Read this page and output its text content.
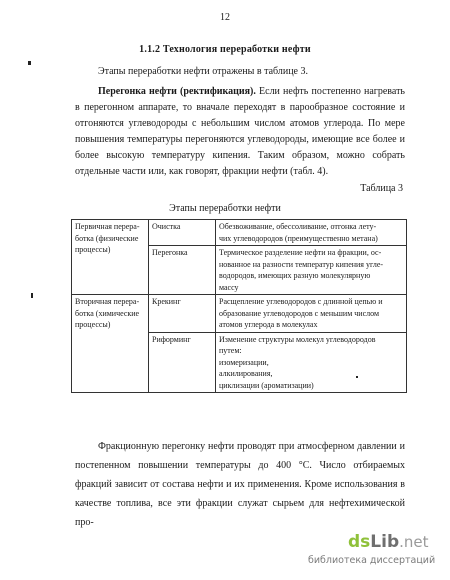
12
1.1.2 Технология переработки нефти
Этапы переработки нефти отражены в таблице 3.

Перегонка нефти (ректификация). Если нефть постепенно нагревать в перегонном аппарате, то вначале переходят в парообразное состояние и отгоняются углеводороды с небольшим числом атомов углерода. По мере повышения температуры перегоняются углеводороды, имеющие все более и более высокую температуру кипения. Таким образом, можно собрать отдельные части или, как говорят, фракции нефти (табл. 4).

Таблица 3
Этапы переработки нефти
Первичная перера-
ботка (физические
процессы)	Очистка	Обезвоживание, обессоливание, отгонка лету-
чих углеводородов (преимущественно метана)

	Перегонка	Термическое разделение нефти на фракции, ос-
нованное на разности температур кипения угле-
водородов, имеющих разную молекулярную
массу

Вторичная перера-
ботка (химические
процессы)	Крекинг	Расщепление углеводородов с длинной цепью и
образование углеводородов с меньшим числом
атомов углерода в молекулах

	Риформинг	Изменение структуры молекул углеводородов
путем:
изомеризации,
алкилирования,
циклизации (ароматизации)

Фракционную перегонку нефти проводят при атмосферном давлении и постепенном повышении температуры до 400 °С. Число отбираемых фракций зависит от состава нефти и их применения. Кроме использования в качестве топлива, все эти фракции служат сырьем для нефтехимической про-

dsLib.net
библиотека диссертаций
